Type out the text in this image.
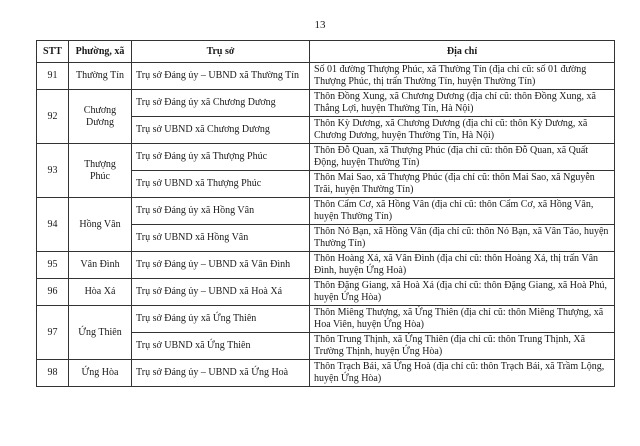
13
STT	Phường, xã	Trụ sở	Địa chỉ
91	Thường Tín	Trụ sở Đảng ủy – UBND xã Thường Tín	Số 01 đường Thượng Phúc, xã Thường Tín (địa chỉ cũ: số 01 đường Thượng Phúc, thị trấn Thường Tín, huyện Thường Tín)
92	Chương Dương	Trụ sở Đảng ủy xã Chương Dương	Thôn Đồng Xung, xã Chương Dương (địa chỉ cũ: thôn Đồng Xung, xã Thắng Lợi, huyện Thường Tín, Hà Nội)
		Trụ sở UBND xã Chương Dương	Thôn Kỳ Dương, xã Chương Dương (địa chỉ cũ: thôn Kỳ Dương, xã Chương Dương, huyện Thường Tín, Hà Nội)
93	Thượng Phúc	Trụ sở Đảng ủy xã Thượng Phúc	Thôn Đỗ Quan, xã Thượng Phúc (địa chỉ cũ: thôn Đỗ Quan, xã Quất Động, huyện Thường Tín)
		Trụ sở UBND xã Thượng Phúc	Thôn Mai Sao, xã Thượng Phúc (địa chỉ cũ: thôn Mai Sao, xã Nguyễn Trãi, huyện Thường Tín)
94	Hồng Vân	Trụ sở Đảng ủy xã Hồng Vân	Thôn Cẩm Cơ, xã Hồng Vân (địa chỉ cũ: thôn Cẩm Cơ, xã Hồng Vân, huyện Thường Tín)
		Trụ sở UBND xã Hồng Vân	Thôn Nỏ Bạn, xã Hồng Vân (địa chỉ cũ: thôn Nỏ Bạn, xã Vân Tảo, huyện Thường Tín)
95	Vân Đình	Trụ sở Đảng ủy – UBND xã Vân Đình	Thôn Hoàng Xá, xã Vân Đình (địa chỉ cũ: thôn Hoàng Xá, thị trấn Vân Đình, huyện Ứng Hoà)
96	Hòa Xá	Trụ sở Đảng ủy – UBND xã Hoà Xá	Thôn Đặng Giang, xã Hoà Xá (địa chỉ cũ: thôn Đặng Giang, xã Hoà Phú, huyện Ứng Hòa)
97	Ứng Thiên	Trụ sở Đảng ủy xã Ứng Thiên	Thôn Miêng Thượng, xã Ứng Thiên (địa chỉ cũ: thôn Miêng Thượng, xã Hoa Viên, huyện Ứng Hòa)
		Trụ sở UBND xã Ứng Thiên	Thôn Trung Thịnh, xã Ứng Thiên (địa chỉ cũ: thôn Trung Thịnh, Xã Trường Thịnh, huyện Ứng Hòa)
98	Ứng Hòa	Trụ sở Đảng ủy – UBND xã Ứng Hoà	Thôn Trạch Bái, xã Ứng Hoà (địa chỉ cũ: thôn Trạch Bái, xã Trầm Lộng, huyện Ứng Hòa)
